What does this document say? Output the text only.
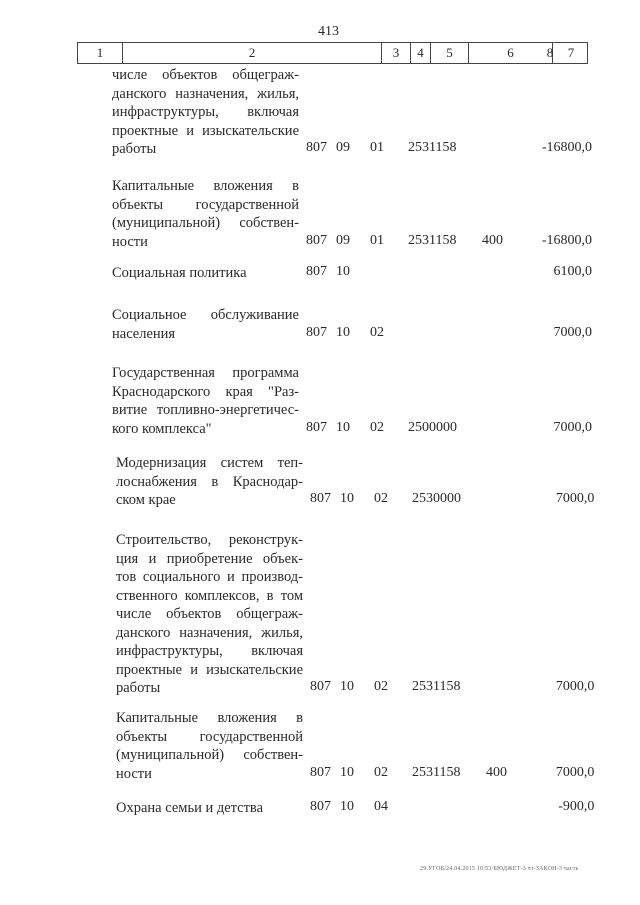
413
1	2	3	4	5	6	7
числе объектов общеграж-
данского назначения, жилья,
инфраструктуры, включая
проектные и изыскательские
работы	807 09 01 2531158	-16800,0
Капитальные вложения в
объекты государственной
(муниципальной) собствен-
ности	807 09 01 2531158 400	-16800,0
Социальная политика	807 10	6100,0
Социальное обслуживание
населения	807 10 02	7000,0
Государственная программа
Краснодарского края "Раз-
витие топливно-энергетичес-
кого комплекса"	807 10 02 2500000	7000,0
Модернизация систем теп-
лоснабжения в Краснодар-
ском крае	807 10 02 2530000	7000,0
Строительство, реконструк-
ция и приобретение объек-
тов социального и производ-
ственного комплексов, в том
числе объектов общеграж-
данского назначения, жилья,
инфраструктуры, включая
проектные и изыскательские
работы	807 10 02 2531158	7000,0
Капитальные вложения в
объекты государственной
(муниципальной) собствен-
ности	807 10 02 2531158 400	7000,0
Охрана семьи и детства	807 10 04	-900,0
29.УГОБ/24.04.2015 10:53/БЮДЖЕТ-3 чт-ЗАКОН-3 часть
8
